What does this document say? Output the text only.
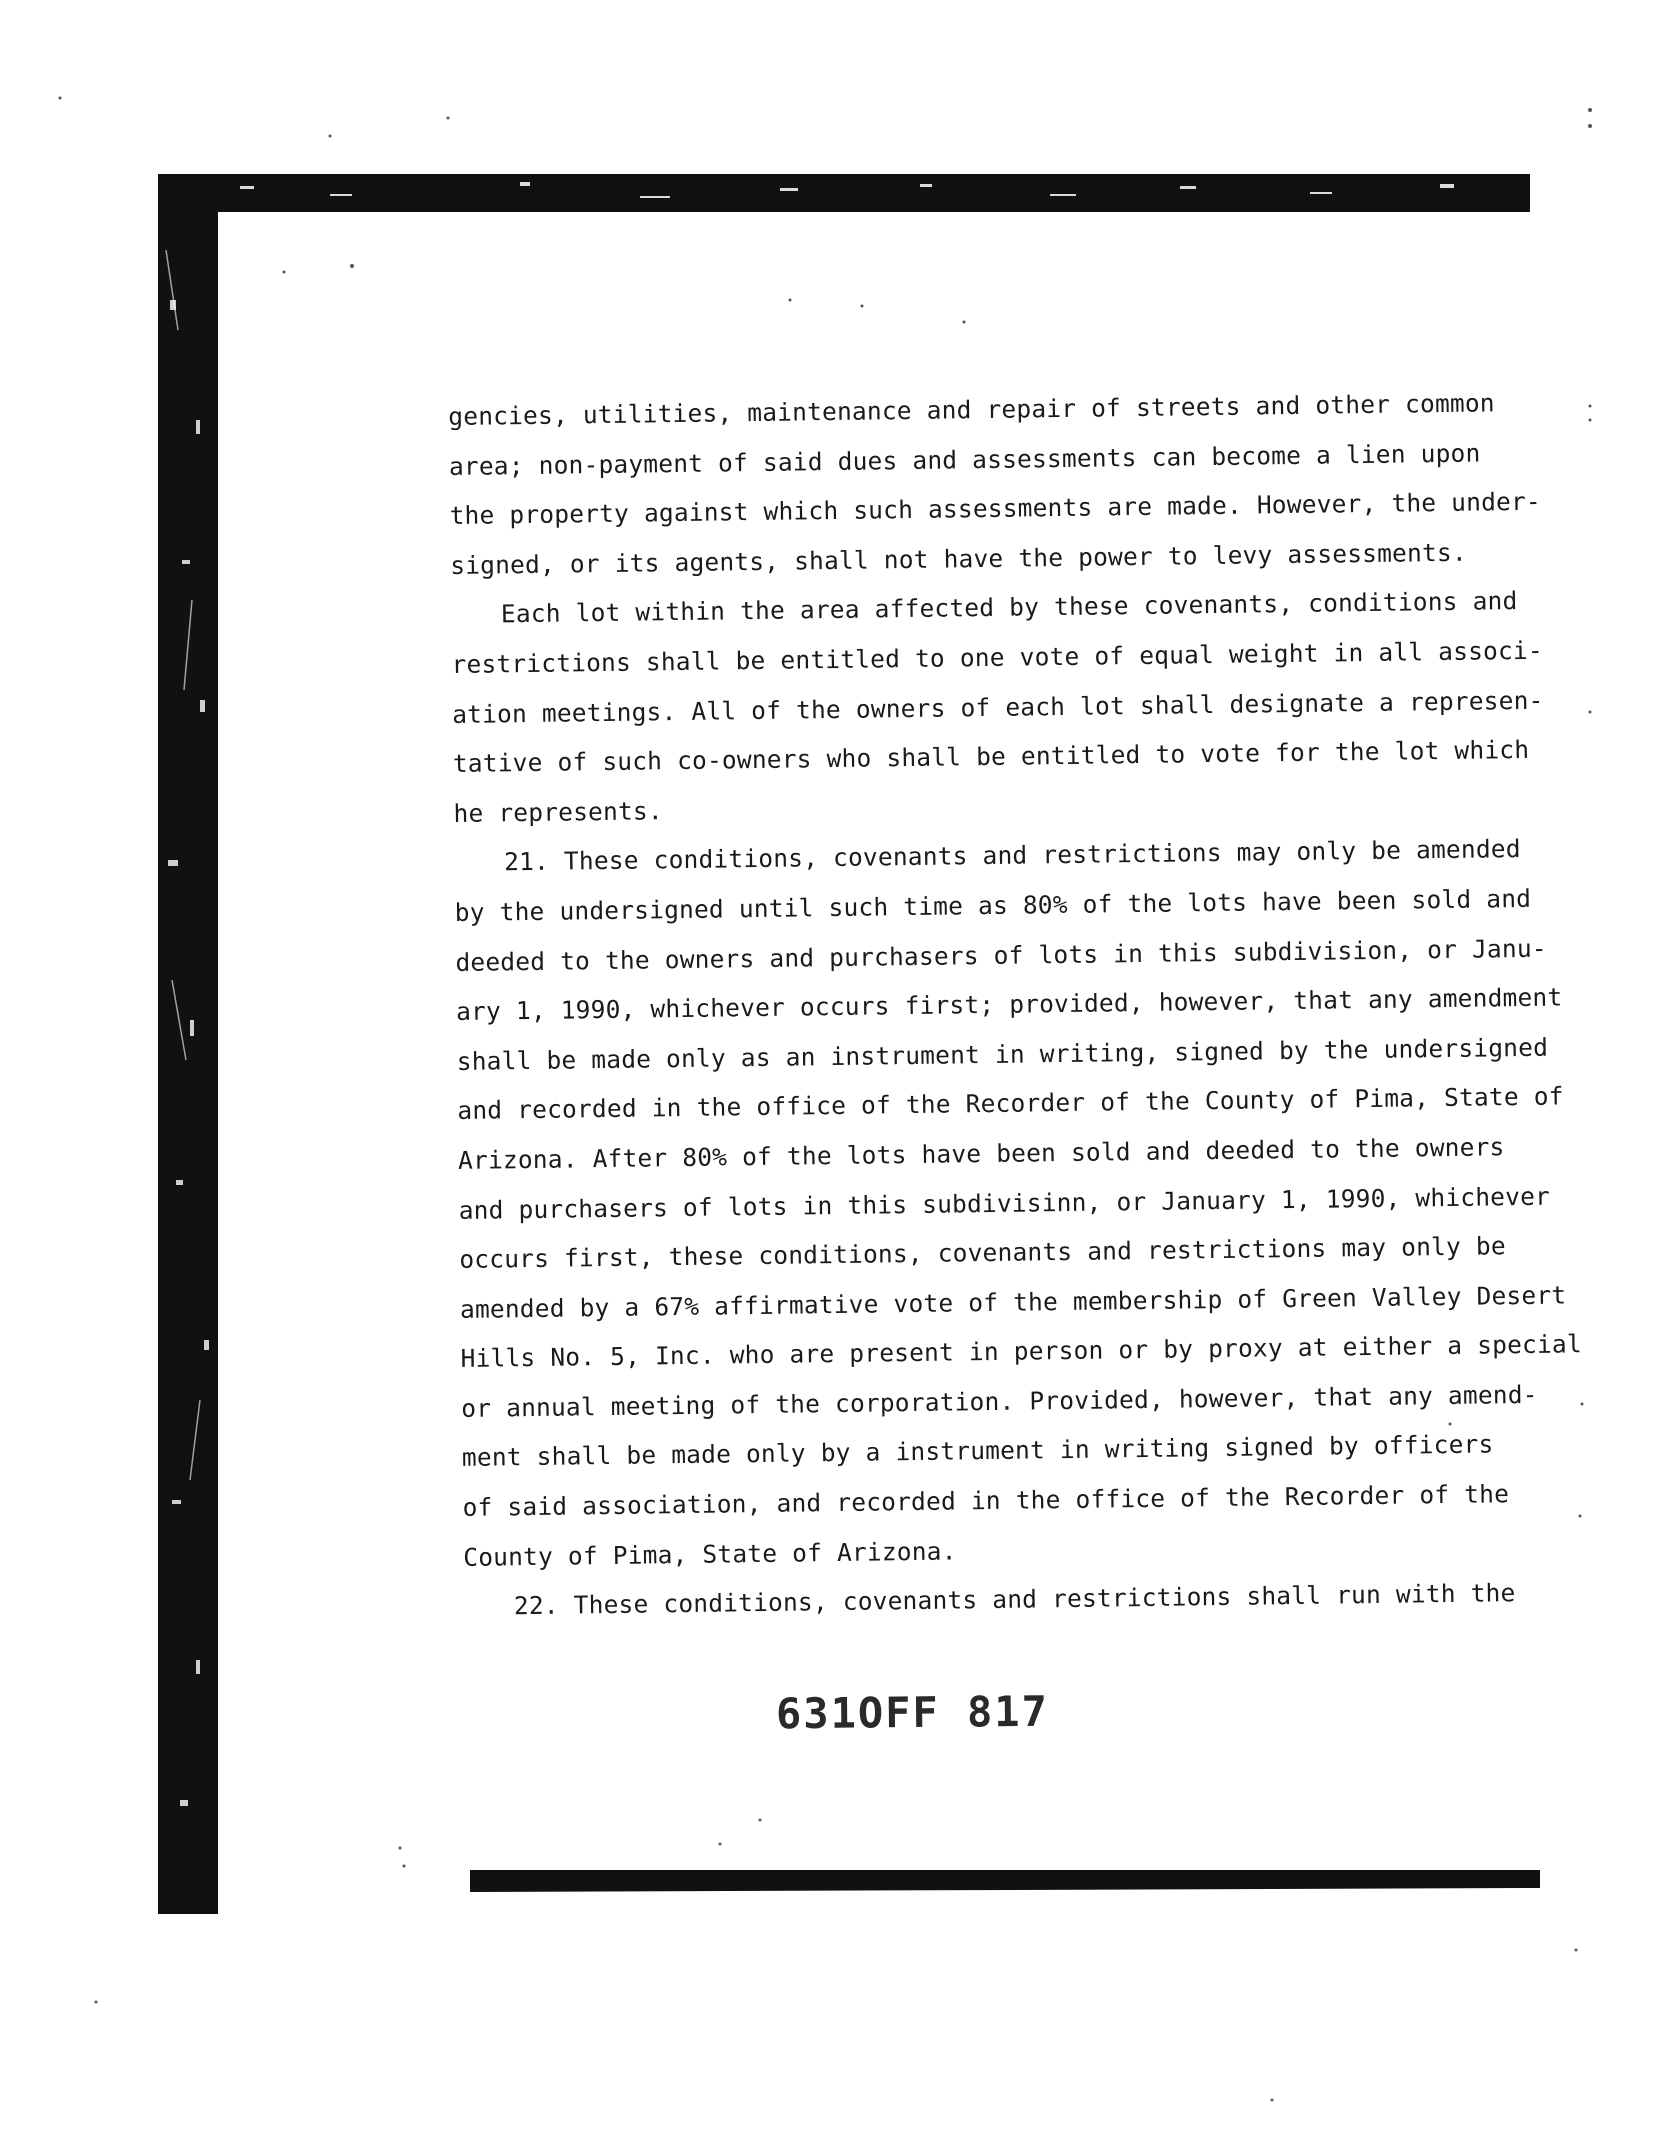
gencies, utilities, maintenance and repair of streets and other common
area; non-payment of said dues and assessments can become a lien upon
the property against which such assessments are made. However, the under-
signed, or its agents, shall not have the power to levy assessments.
Each lot within the area affected by these covenants, conditions and
restrictions shall be entitled to one vote of equal weight in all associ-
ation meetings. All of the owners of each lot shall designate a represen-
tative of such co-owners who shall be entitled to vote for the lot which
he represents.
21. These conditions, covenants and restrictions may only be amended
by the undersigned until such time as 80% of the lots have been sold and
deeded to the owners and purchasers of lots in this subdivision, or Janu-
ary 1, 1990, whichever occurs first; provided, however, that any amendment
shall be made only as an instrument in writing, signed by the undersigned
and recorded in the office of the Recorder of the County of Pima, State of
Arizona. After 80% of the lots have been sold and deeded to the owners
and purchasers of lots in this subdivisinn, or January 1, 1990, whichever
occurs first, these conditions, covenants and restrictions may only be
amended by a 67% affirmative vote of the membership of Green Valley Desert
Hills No. 5, Inc. who are present in person or by proxy at either a special
or annual meeting of the corporation. Provided, however, that any amend-
ment shall be made only by a instrument in writing signed by officers
of said association, and recorded in the office of the Recorder of the
County of Pima, State of Arizona.
22. These conditions, covenants and restrictions shall run with the
631OFF 817
